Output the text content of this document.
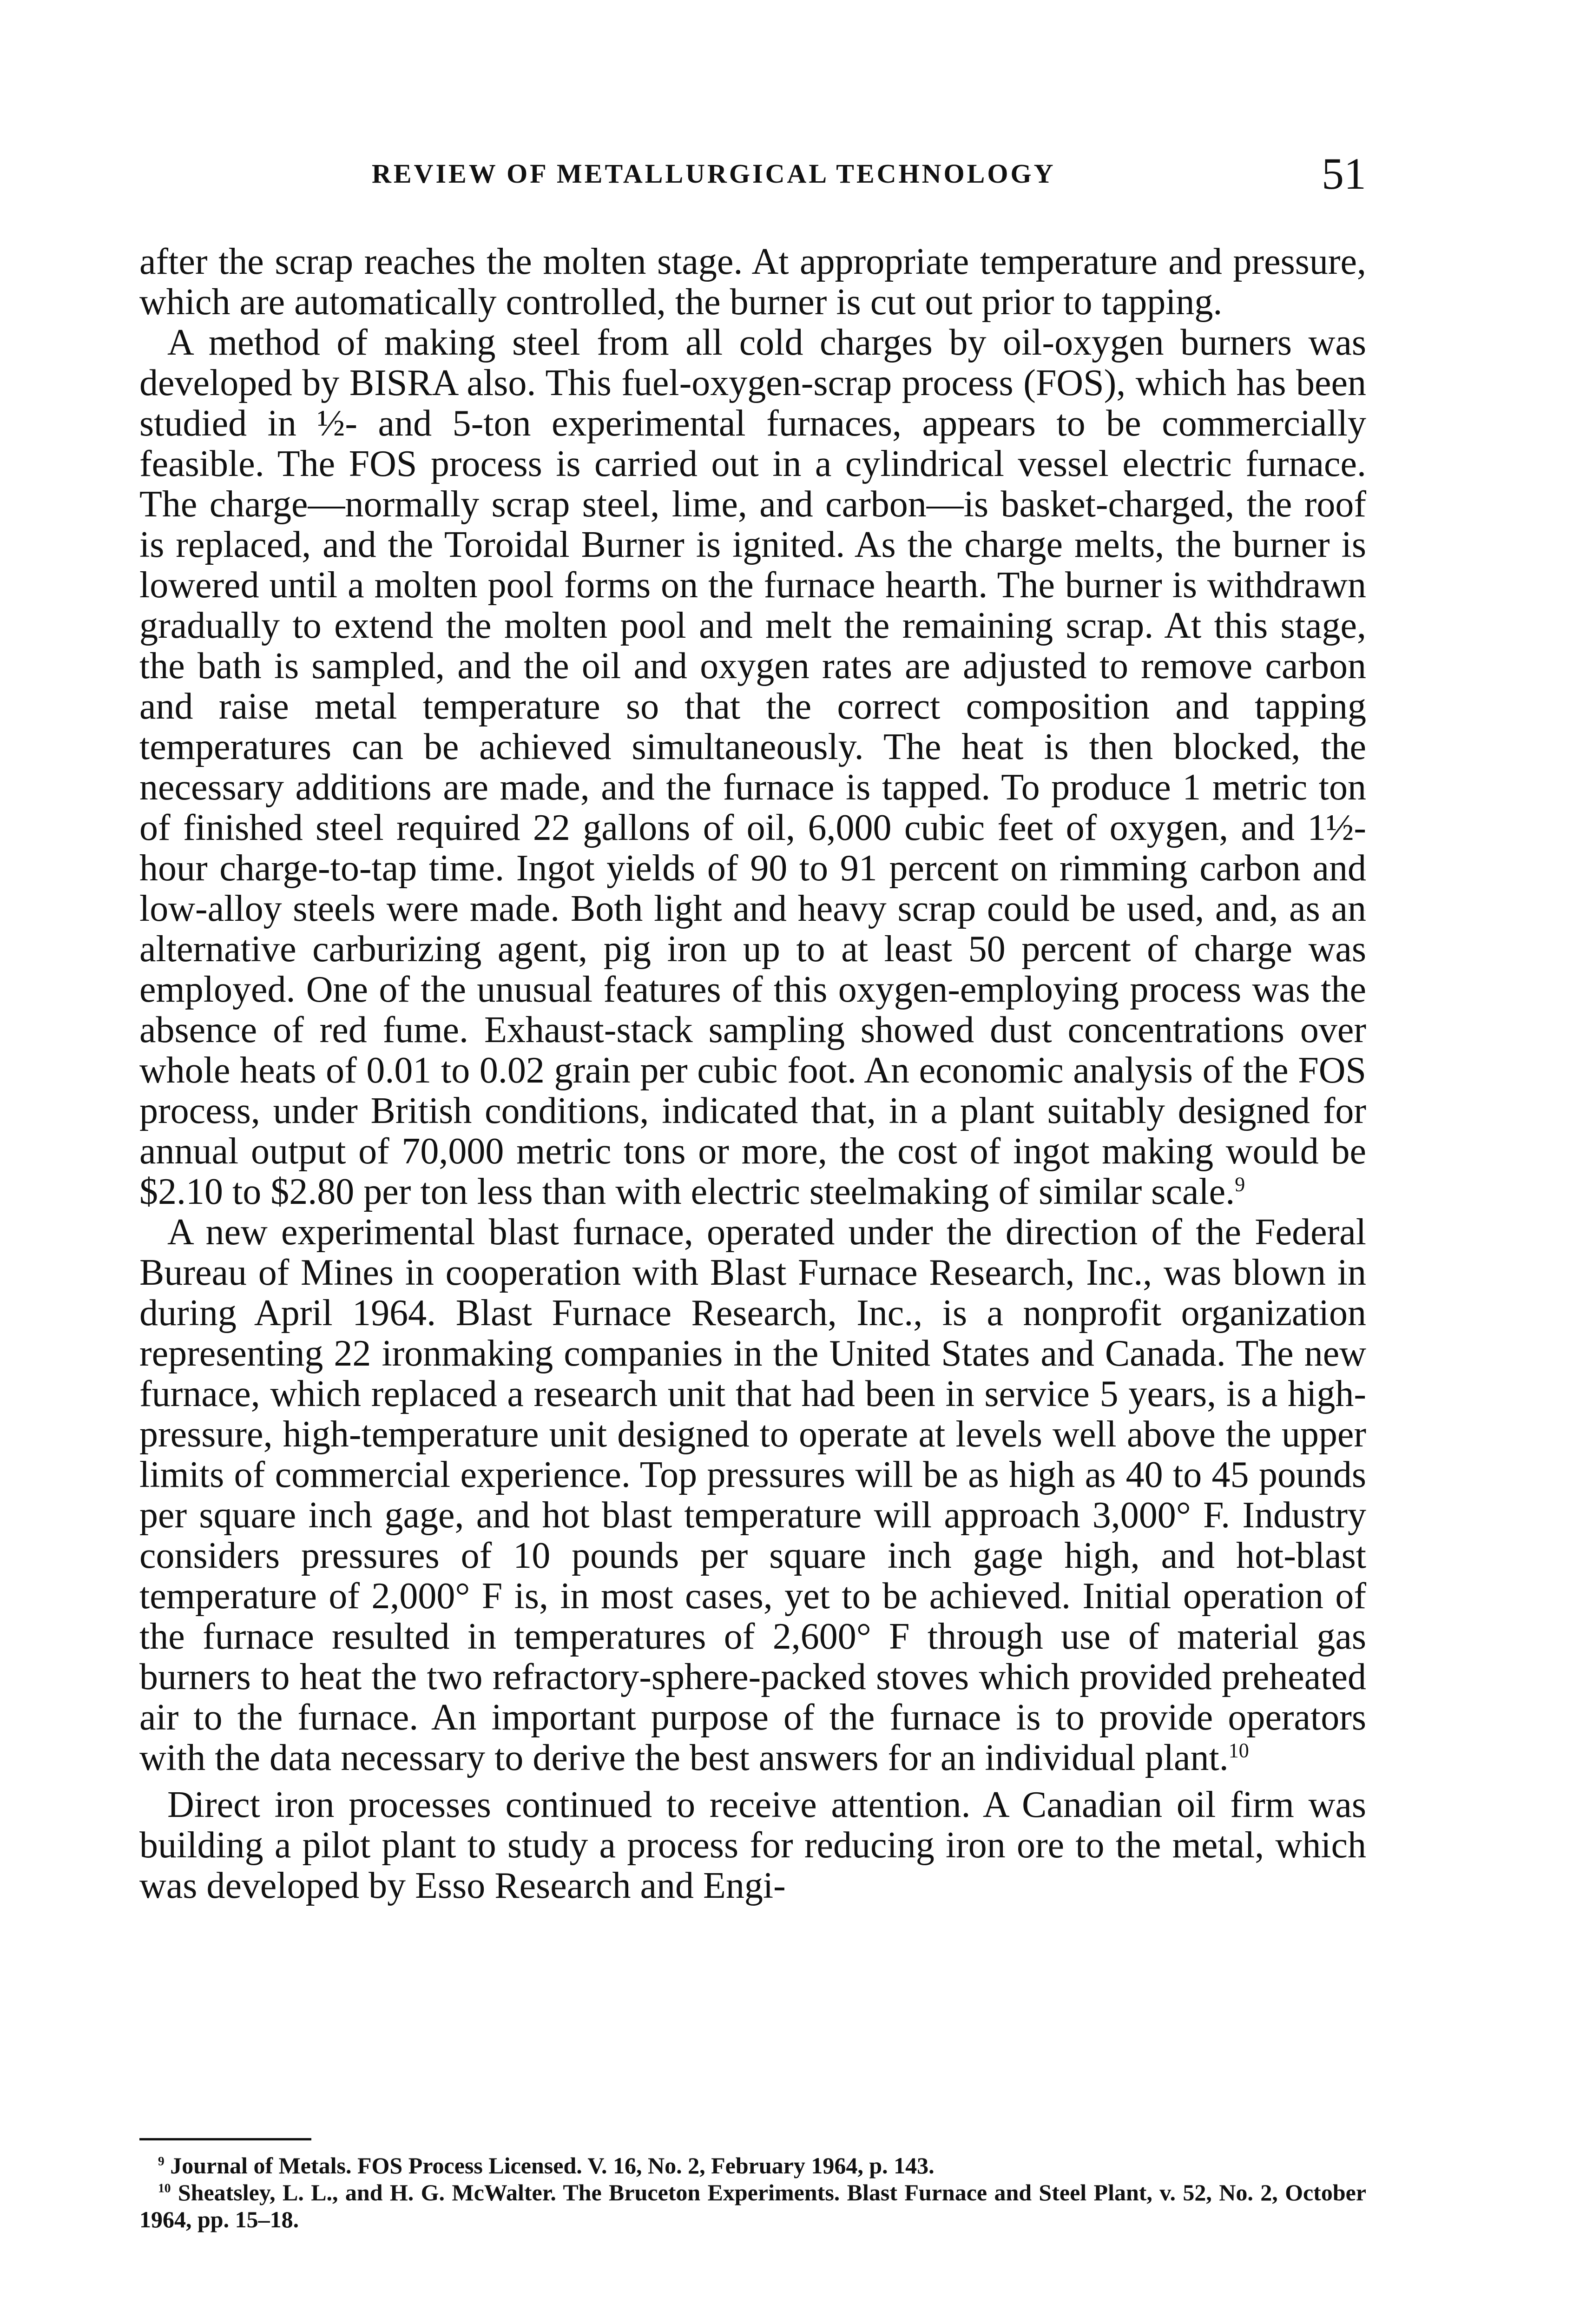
REVIEW OF METALLURGICAL TECHNOLOGY	51

after the scrap reaches the molten stage. At appropriate temperature and pressure, which are automatically controlled, the burner is cut out prior to tapping.

A method of making steel from all cold charges by oil-oxygen burners was developed by BISRA also. This fuel-oxygen-scrap process (FOS), which has been studied in ½- and 5-ton experimental furnaces, appears to be commercially feasible. The FOS process is carried out in a cylindrical vessel electric furnace. The charge—normally scrap steel, lime, and carbon—is basket-charged, the roof is replaced, and the Toroidal Burner is ignited. As the charge melts, the burner is lowered until a molten pool forms on the furnace hearth. The burner is withdrawn gradually to extend the molten pool and melt the remaining scrap. At this stage, the bath is sampled, and the oil and oxygen rates are adjusted to remove carbon and raise metal temperature so that the correct composition and tapping temperatures can be achieved simultaneously. The heat is then blocked, the necessary additions are made, and the furnace is tapped. To produce 1 metric ton of finished steel required 22 gallons of oil, 6,000 cubic feet of oxygen, and 1½-hour charge-to-tap time. Ingot yields of 90 to 91 percent on rimming carbon and low-alloy steels were made. Both light and heavy scrap could be used, and, as an alternative carburizing agent, pig iron up to at least 50 percent of charge was employed. One of the unusual features of this oxygen-employing process was the absence of red fume. Exhaust-stack sampling showed dust concentrations over whole heats of 0.01 to 0.02 grain per cubic foot. An economic analysis of the FOS process, under British conditions, indicated that, in a plant suitably designed for annual output of 70,000 metric tons or more, the cost of ingot making would be $2.10 to $2.80 per ton less than with electric steelmaking of similar scale.$^9$

A new experimental blast furnace, operated under the direction of the Federal Bureau of Mines in cooperation with Blast Furnace Research, Inc., was blown in during April 1964. Blast Furnace Research, Inc., is a nonprofit organization representing 22 ironmaking companies in the United States and Canada. The new furnace, which replaced a research unit that had been in service 5 years, is a high-pressure, high-temperature unit designed to operate at levels well above the upper limits of commercial experience. Top pressures will be as high as 40 to 45 pounds per square inch gage, and hot blast temperature will approach 3,000° F. Industry considers pressures of 10 pounds per square inch gage high, and hot-blast temperature of 2,000° F is, in most cases, yet to be achieved. Initial operation of the furnace resulted in temperatures of 2,600° F through use of material gas burners to heat the two refractory-sphere-packed stoves which provided preheated air to the furnace. An important purpose of the furnace is to provide operators with the data necessary to derive the best answers for an individual plant.$^{10}$

Direct iron processes continued to receive attention. A Canadian oil firm was building a pilot plant to study a process for reducing iron ore to the metal, which was developed by Esso Research and Engi-

$^9$ Journal of Metals. FOS Process Licensed. V. 16, No. 2, February 1964, p. 143.

$^{10}$ Sheatsley, L. L., and H. G. McWalter. The Bruceton Experiments. Blast Furnace and Steel Plant, v. 52, No. 2, October 1964, pp. 15–18.
